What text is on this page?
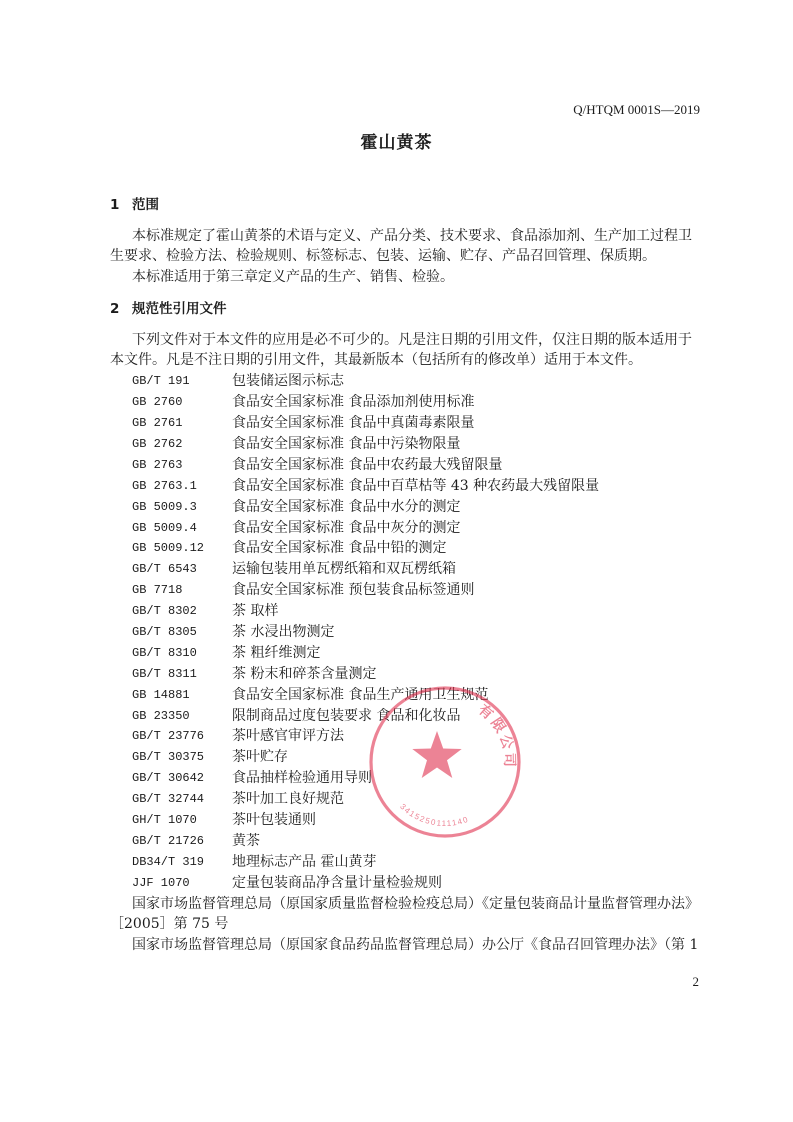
Q/HTQM 0001S—2019
霍山黄茶
1 范围
本标准规定了霍山黄茶的术语与定义、产品分类、技术要求、食品添加剂、生产加工过程卫
生要求、检验方法、检验规则、标签标志、包装、运输、贮存、产品召回管理、保质期。
本标准适用于第三章定义产品的生产、销售、检验。
2 规范性引用文件
下列文件对于本文件的应用是必不可少的。凡是注日期的引用文件，仅注日期的版本适用于
本文件。凡是不注日期的引用文件，其最新版本（包括所有的修改单）适用于本文件。
GB/T 191	包装储运图示标志
GB 2760	食品安全国家标准 食品添加剂使用标准
GB 2761	食品安全国家标准 食品中真菌毒素限量
GB 2762	食品安全国家标准 食品中污染物限量
GB 2763	食品安全国家标准 食品中农药最大残留限量
GB 2763.1	食品安全国家标准 食品中百草枯等 43 种农药最大残留限量
GB 5009.3	食品安全国家标准 食品中水分的测定
GB 5009.4	食品安全国家标准 食品中灰分的测定
GB 5009.12 食品安全国家标准 食品中铅的测定
GB/T 6543	运输包装用单瓦楞纸箱和双瓦楞纸箱
GB 7718	食品安全国家标准 预包装食品标签通则
GB/T 8302	茶 取样
GB/T 8305	茶 水浸出物测定
GB/T 8310	茶 粗纤维测定
GB/T 8311	茶 粉末和碎茶含量测定
GB 14881	食品安全国家标准 食品生产通用卫生规范
GB 23350	限制商品过度包装要求 食品和化妆品
GB/T 23776 茶叶感官审评方法
GB/T 30375 茶叶贮存
GB/T 30642 食品抽样检验通用导则
GB/T 32744 茶叶加工良好规范
GH/T 1070	茶叶包装通则
GB/T 21726 黄茶
DB34/T 319 地理标志产品 霍山黄芽
JJF 1070	定量包装商品净含量计量检验规则
国家市场监督管理总局（原国家质量监督检验检疫总局）《定量包装商品计量监督管理办法》
［2005］第 75 号
国家市场监督管理总局（原国家食品药品监督管理总局）办公厅《食品召回管理办法》（第 1
2
有限公司
3415250111140
